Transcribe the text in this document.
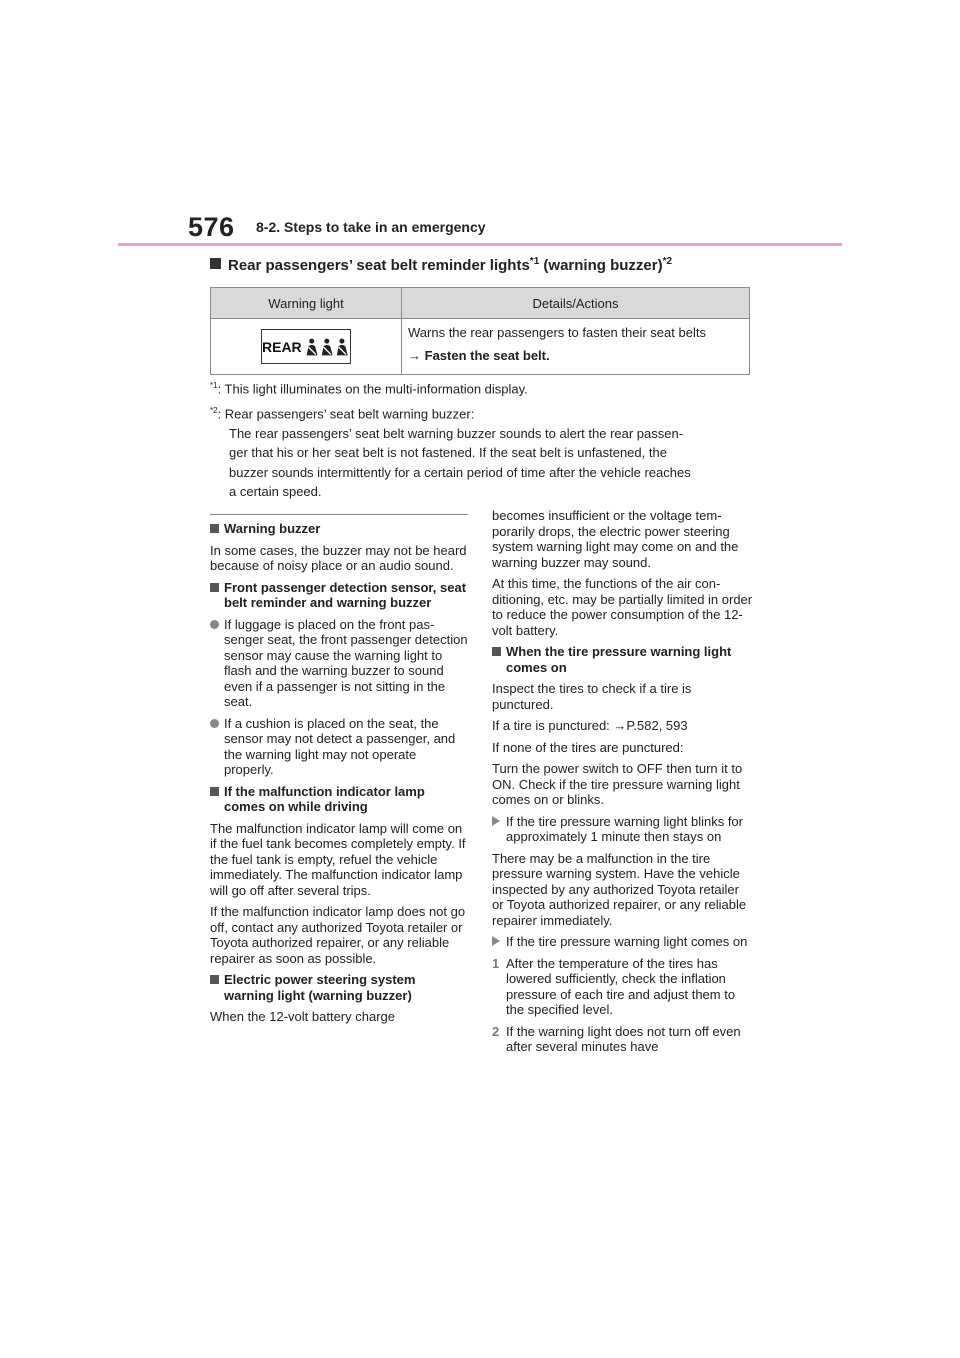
576 8-2. Steps to take in an emergency
Rear passengers’ seat belt reminder lights$^{*1}$ (warning buzzer)$^{*2}$
Warning light	Details/Actions

REAR	Warns the rear passengers to fasten their seat belts
→ Fasten the seat belt.
$^{*1}$: This light illuminates on the multi-information display.
$^{*2}$: Rear passengers’ seat belt warning buzzer:
The rear passengers’ seat belt warning buzzer sounds to alert the rear passen-
ger that his or her seat belt is not fastened. If the seat belt is unfastened, the
buzzer sounds intermittently for a certain period of time after the vehicle reaches
a certain speed.

Warning buzzer

In some cases, the buzzer may not be heard because of noisy place or an audio sound.

Front passenger detection sensor, seat belt reminder and warning buzzer

If luggage is placed on the front passenger seat, the front passenger detection sensor may cause the warning light to flash and the warning buzzer to sound even if a passenger is not sitting in the seat.

If a cushion is placed on the seat, the sensor may not detect a passenger, and the warning light may not operate properly.

If the malfunction indicator lamp comes on while driving

The malfunction indicator lamp will come on if the fuel tank becomes completely empty. If the fuel tank is empty, refuel the vehicle immediately. The malfunction indicator lamp will go off after several trips.

If the malfunction indicator lamp does not go off, contact any authorized Toyota retailer or Toyota authorized repairer, or any reliable repairer as soon as possible.

Electric power steering system warning light (warning buzzer)

When the 12-volt battery charge

becomes insufficient or the voltage temporarily drops, the electric power steering system warning light may come on and the warning buzzer may sound.

At this time, the functions of the air conditioning, etc. may be partially limited in order to reduce the power consumption of the 12-volt battery.

When the tire pressure warning light comes on

Inspect the tires to check if a tire is punctured.

If a tire is punctured: →P.582, 593

If none of the tires are punctured:

Turn the power switch to OFF then turn it to ON. Check if the tire pressure warning light comes on or blinks.

If the tire pressure warning light blinks for approximately 1 minute then stays on

There may be a malfunction in the tire pressure warning system. Have the vehicle inspected by any authorized Toyota retailer or Toyota authorized repairer, or any reliable repairer immediately.

If the tire pressure warning light comes on

1 After the temperature of the tires has lowered sufficiently, check the inflation pressure of each tire and adjust them to the specified level.

2 If the warning light does not turn off even after several minutes have
